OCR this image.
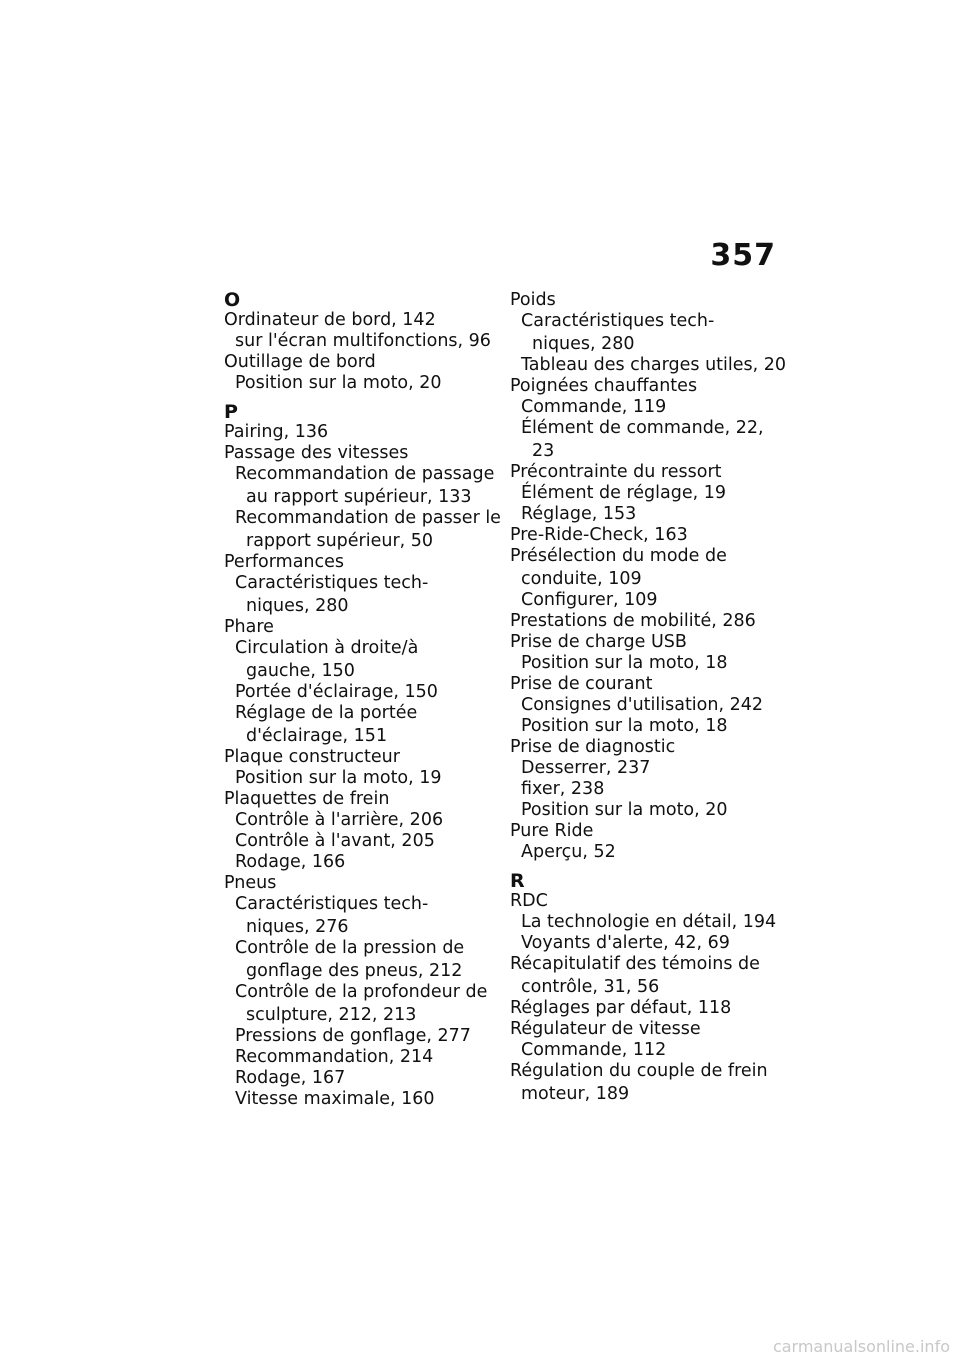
357
O
Ordinateur de bord, 142
sur l'écran multifonctions, 96
Outillage de bord
Position sur la moto, 20
P
Pairing, 136
Passage des vitesses
Recommandation de passage
au rapport supérieur, 133
Recommandation de passer le
rapport supérieur, 50
Performances
Caractéristiques tech-
niques, 280
Phare
Circulation à droite/à
gauche, 150
Portée d'éclairage, 150
Réglage de la portée
d'éclairage, 151
Plaque constructeur
Position sur la moto, 19
Plaquettes de frein
Contrôle à l'arrière, 206
Contrôle à l'avant, 205
Rodage, 166
Pneus
Caractéristiques tech-
niques, 276
Contrôle de la pression de
gonflage des pneus, 212
Contrôle de la profondeur de
sculpture, 212, 213
Pressions de gonflage, 277
Recommandation, 214
Rodage, 167
Vitesse maximale, 160
Poids
Caractéristiques tech-
niques, 280
Tableau des charges utiles, 20
Poignées chauffantes
Commande, 119
Élément de commande, 22,
23
Précontrainte du ressort
Élément de réglage, 19
Réglage, 153
Pre-Ride-Check, 163
Présélection du mode de
conduite, 109
Configurer, 109
Prestations de mobilité, 286
Prise de charge USB
Position sur la moto, 18
Prise de courant
Consignes d'utilisation, 242
Position sur la moto, 18
Prise de diagnostic
Desserrer, 237
fixer, 238
Position sur la moto, 20
Pure Ride
Aperçu, 52
R
RDC
La technologie en détail, 194
Voyants d'alerte, 42, 69
Récapitulatif des témoins de
contrôle, 31, 56
Réglages par défaut, 118
Régulateur de vitesse
Commande, 112
Régulation du couple de frein
moteur, 189
carmanualsonline.info
